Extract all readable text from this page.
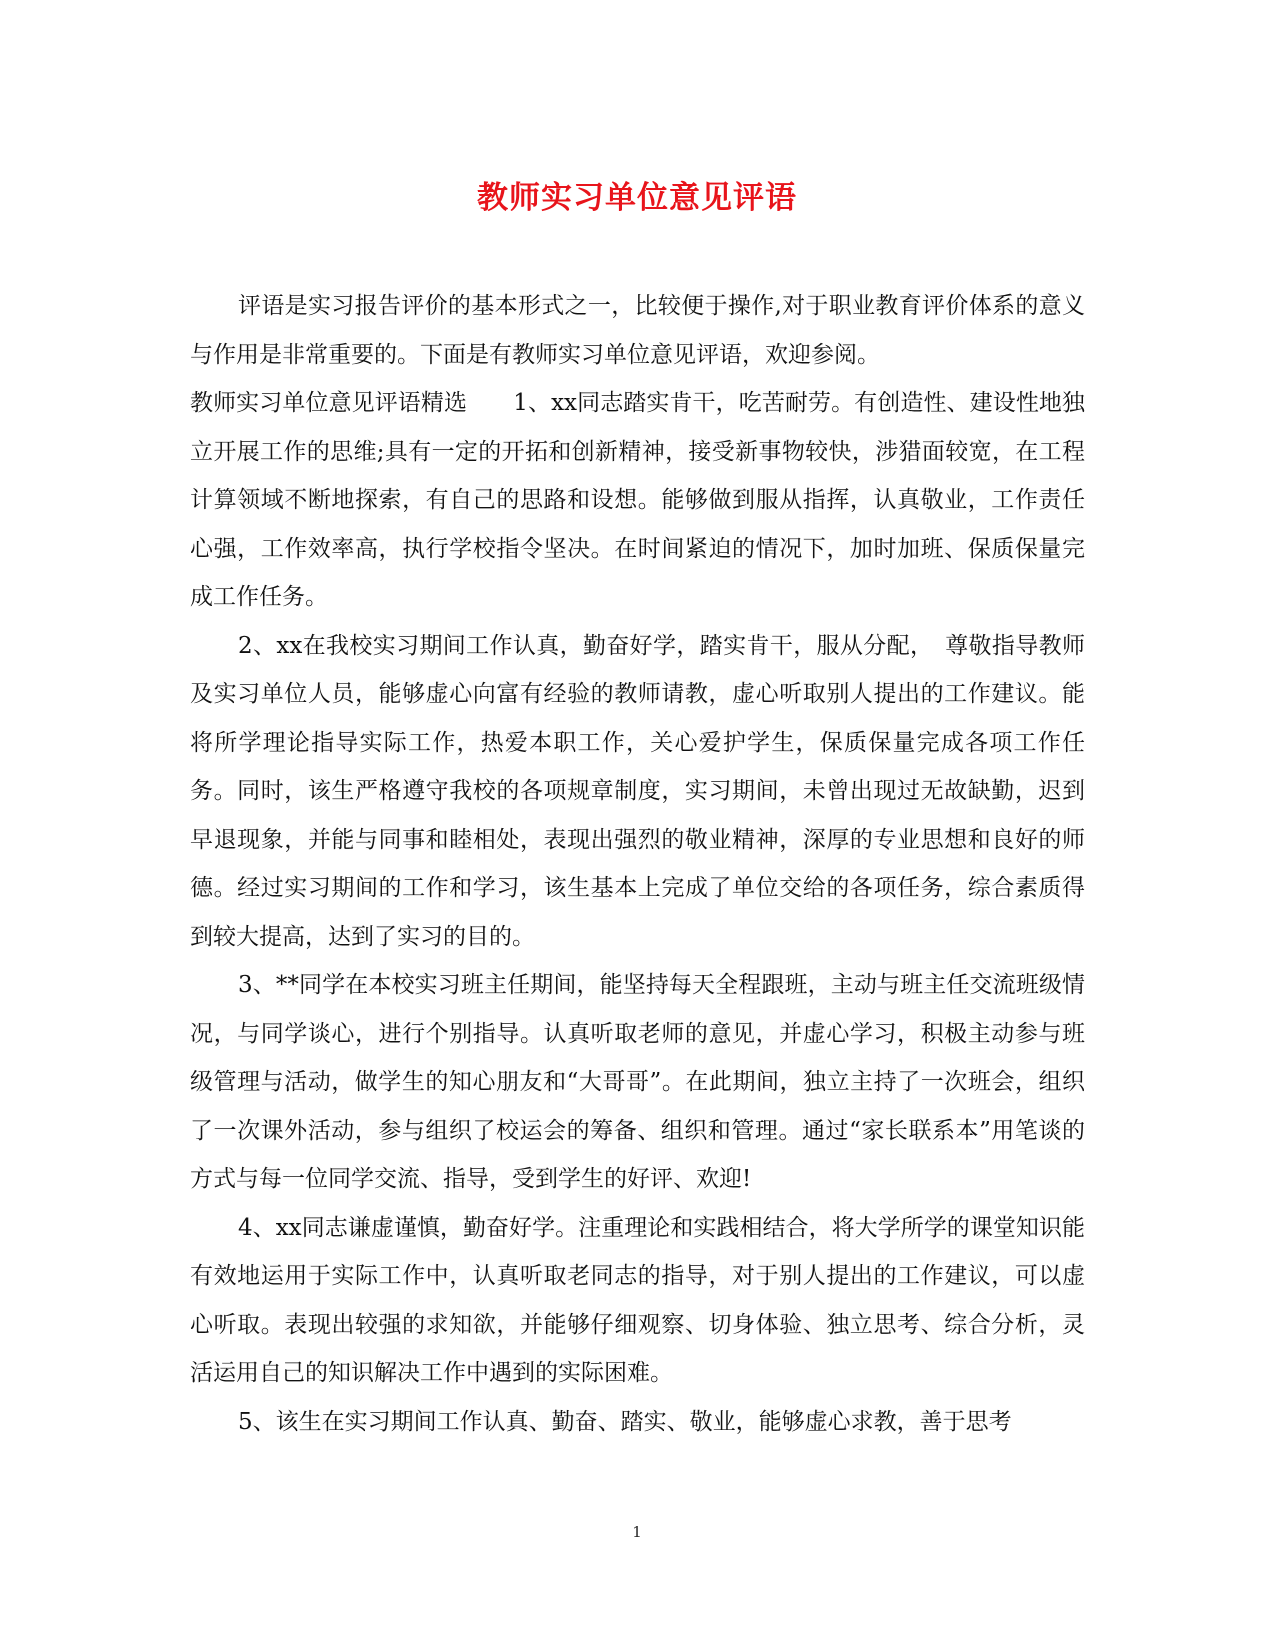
教师实习单位意见评语

评语是实习报告评价的基本形式之一，比较便于操作,对于职业教育评价体系的意义与作用是非常重要的。下面是有教师实习单位意见评语，欢迎参阅。

教师实习单位意见评语精选　　1、xx同志踏实肯干，吃苦耐劳。有创造性、建设性地独立开展工作的思维;具有一定的开拓和创新精神，接受新事物较快，涉猎面较宽，在工程计算领域不断地探索，有自己的思路和设想。能够做到服从指挥，认真敬业，工作责任心强，工作效率高，执行学校指令坚决。在时间紧迫的情况下，加时加班、保质保量完成工作任务。

2、xx在我校实习期间工作认真，勤奋好学，踏实肯干，服从分配，　尊敬指导教师及实习单位人员，能够虚心向富有经验的教师请教，虚心听取别人提出的工作建议。能将所学理论指导实际工作，热爱本职工作，关心爱护学生，保质保量完成各项工作任务。同时，该生严格遵守我校的各项规章制度，实习期间，未曾出现过无故缺勤，迟到早退现象，并能与同事和睦相处，表现出强烈的敬业精神，深厚的专业思想和良好的师德。经过实习期间的工作和学习，该生基本上完成了单位交给的各项任务，综合素质得到较大提高，达到了实习的目的。

3、**同学在本校实习班主任期间，能坚持每天全程跟班，主动与班主任交流班级情况，与同学谈心，进行个别指导。认真听取老师的意见，并虚心学习，积极主动参与班级管理与活动，做学生的知心朋友和“大哥哥”。在此期间，独立主持了一次班会，组织了一次课外活动，参与组织了校运会的筹备、组织和管理。通过“家长联系本”用笔谈的方式与每一位同学交流、指导，受到学生的好评、欢迎!

4、xx同志谦虚谨慎，勤奋好学。注重理论和实践相结合，将大学所学的课堂知识能有效地运用于实际工作中，认真听取老同志的指导，对于别人提出的工作建议，可以虚心听取。表现出较强的求知欲，并能够仔细观察、切身体验、独立思考、综合分析，灵活运用自己的知识解决工作中遇到的实际困难。

5、该生在实习期间工作认真、勤奋、踏实、敬业，能够虚心求教，善于思考

1
